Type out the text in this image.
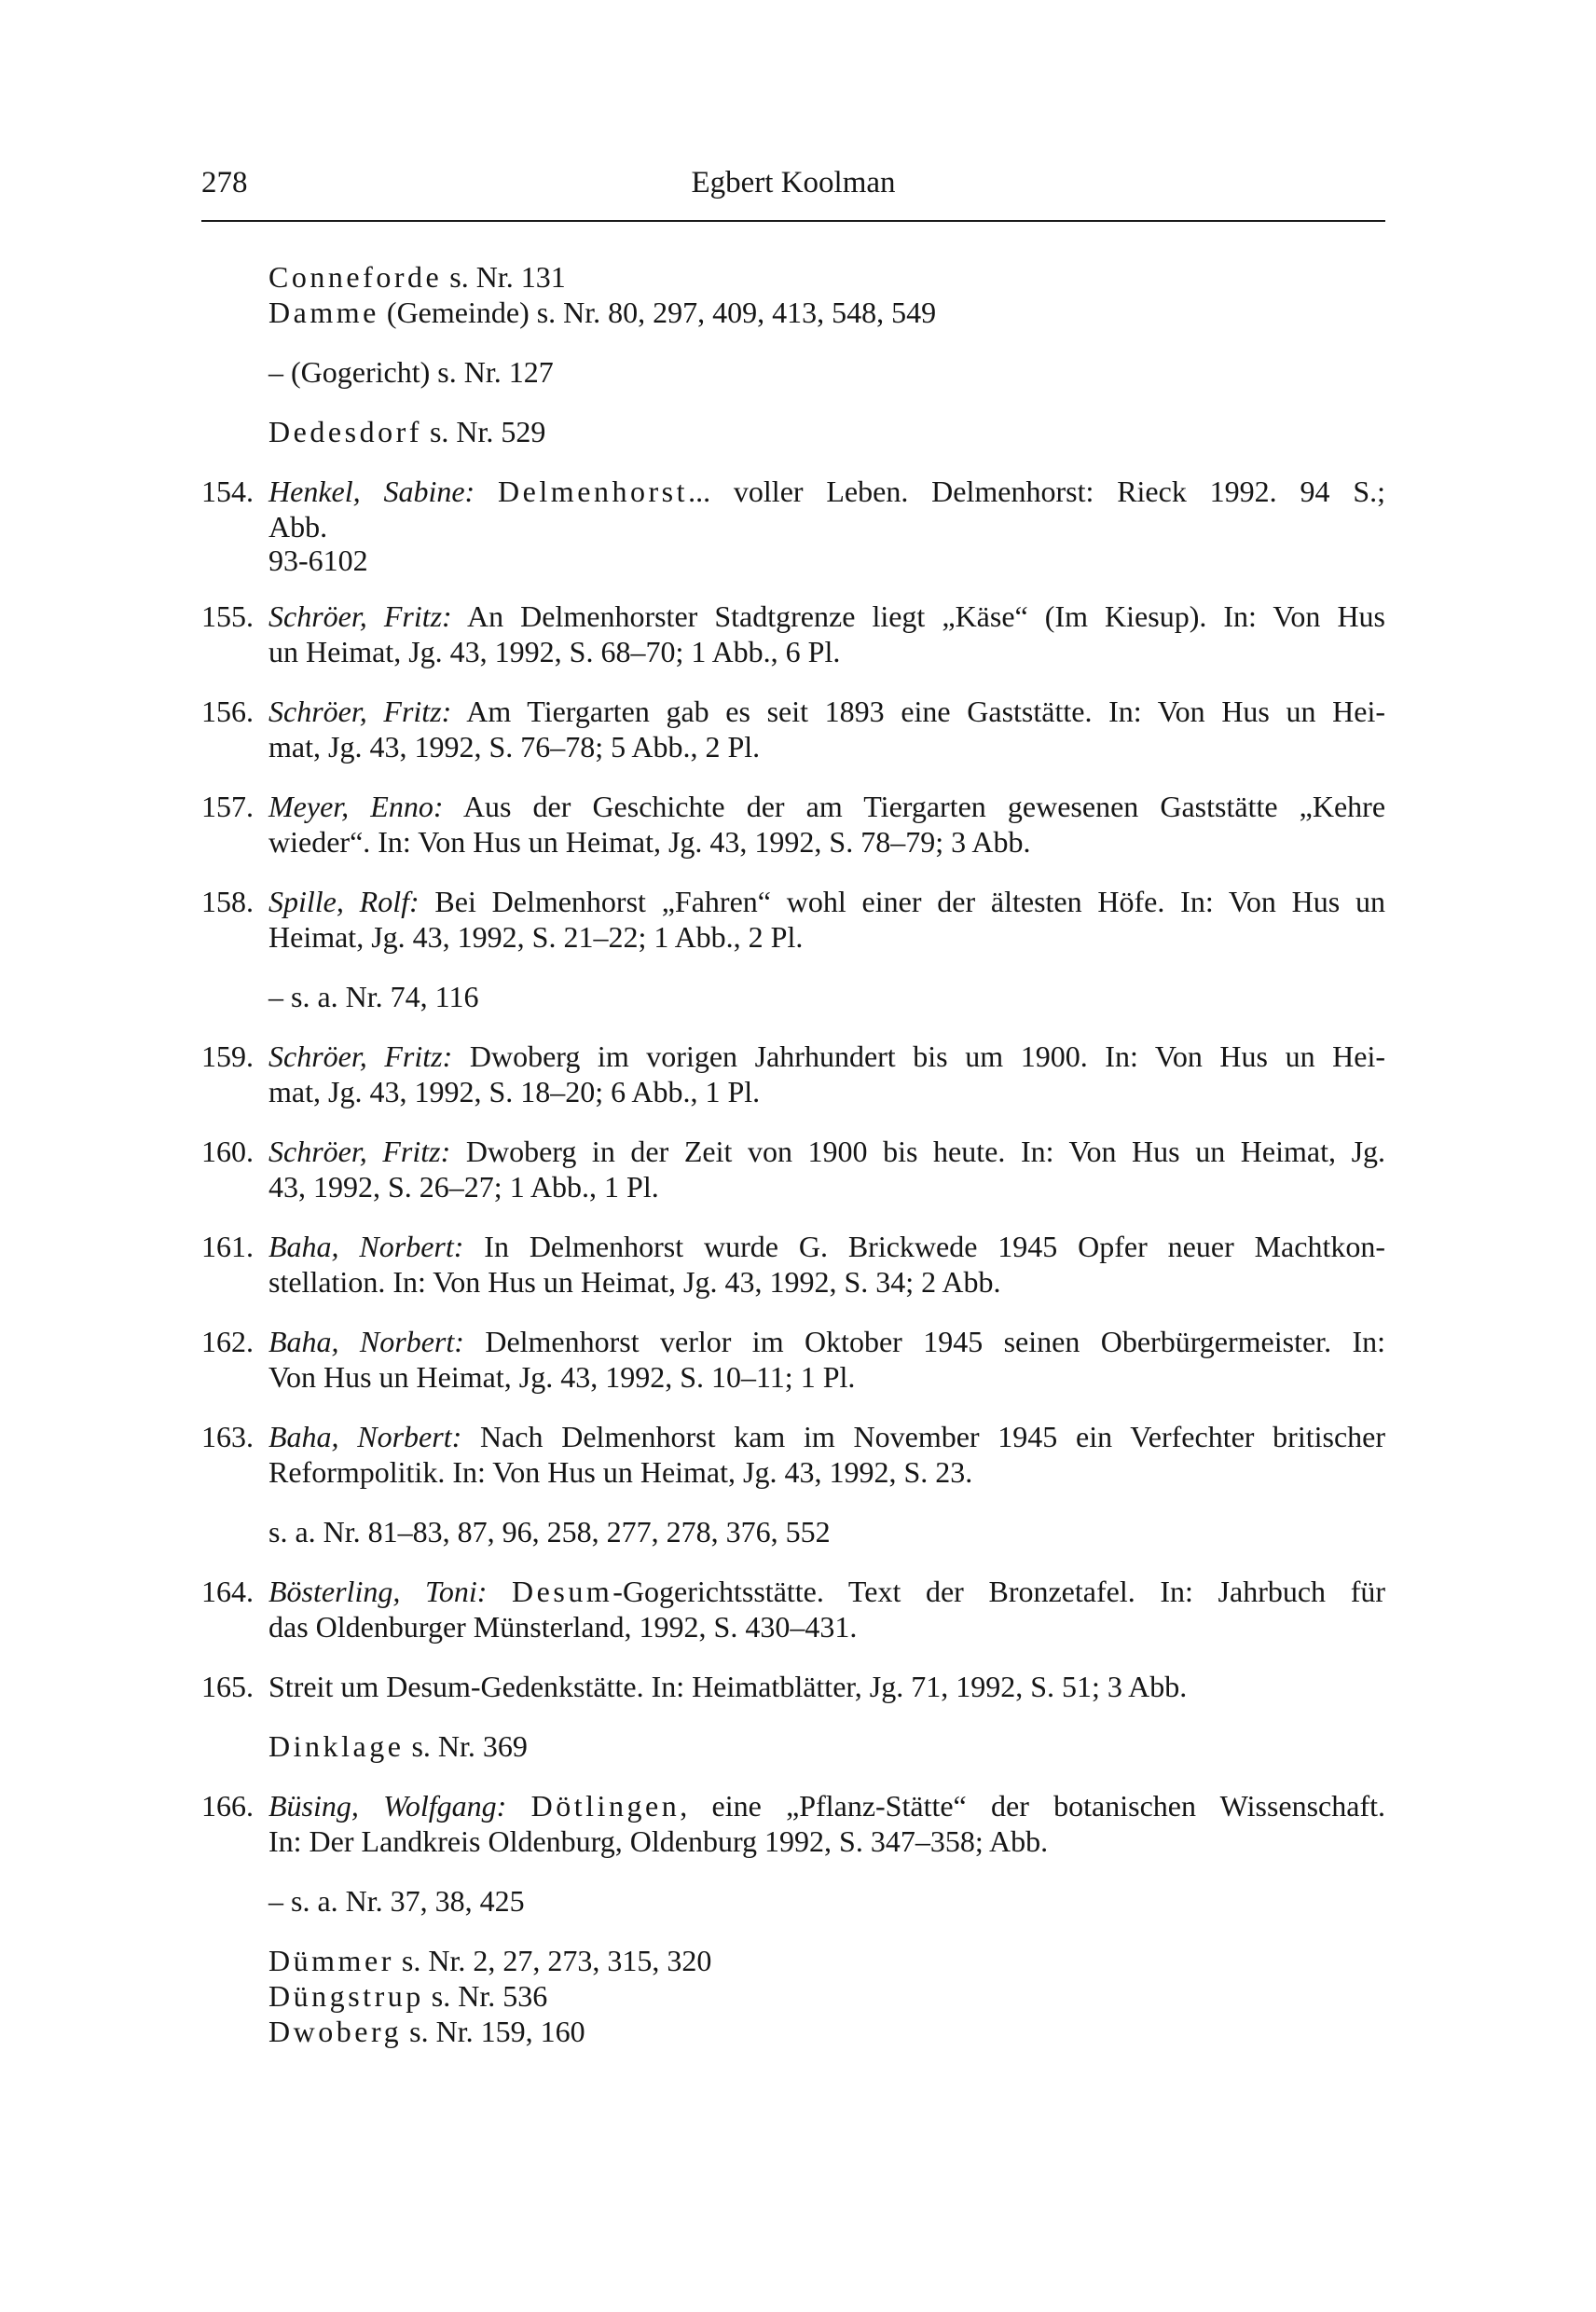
278	Egbert Koolman
Conneforde s. Nr. 131
Damme (Gemeinde) s. Nr. 80, 297, 409, 413, 548, 549
– (Gogericht) s. Nr. 127
Dedesdorf s. Nr. 529
154. Henkel, Sabine: Delmenhorst... voller Leben. Delmenhorst: Rieck 1992. 94 S.;
Abb.
93-6102
155. Schröer, Fritz: An Delmenhorster Stadtgrenze liegt „Käse“ (Im Kiesup). In: Von Hus
un Heimat, Jg. 43, 1992, S. 68–70; 1 Abb., 6 Pl.
156. Schröer, Fritz: Am Tiergarten gab es seit 1893 eine Gaststätte. In: Von Hus un Hei-
mat, Jg. 43, 1992, S. 76–78; 5 Abb., 2 Pl.
157. Meyer, Enno: Aus der Geschichte der am Tiergarten gewesenen Gaststätte „Kehre
wieder“. In: Von Hus un Heimat, Jg. 43, 1992, S. 78–79; 3 Abb.
158. Spille, Rolf: Bei Delmenhorst „Fahren“ wohl einer der ältesten Höfe. In: Von Hus un
Heimat, Jg. 43, 1992, S. 21–22; 1 Abb., 2 Pl.
– s. a. Nr. 74, 116
159. Schröer, Fritz: Dwoberg im vorigen Jahrhundert bis um 1900. In: Von Hus un Hei-
mat, Jg. 43, 1992, S. 18–20; 6 Abb., 1 Pl.
160. Schröer, Fritz: Dwoberg in der Zeit von 1900 bis heute. In: Von Hus un Heimat, Jg.
43, 1992, S. 26–27; 1 Abb., 1 Pl.
161. Baha, Norbert: In Delmenhorst wurde G. Brickwede 1945 Opfer neuer Machtkon-
stellation. In: Von Hus un Heimat, Jg. 43, 1992, S. 34; 2 Abb.
162. Baha, Norbert: Delmenhorst verlor im Oktober 1945 seinen Oberbürgermeister. In:
Von Hus un Heimat, Jg. 43, 1992, S. 10–11; 1 Pl.
163. Baha, Norbert: Nach Delmenhorst kam im November 1945 ein Verfechter britischer
Reformpolitik. In: Von Hus un Heimat, Jg. 43, 1992, S. 23.
s. a. Nr. 81–83, 87, 96, 258, 277, 278, 376, 552
164. Bösterling, Toni: Desum-Gogerichtsstätte. Text der Bronzetafel. In: Jahrbuch für
das Oldenburger Münsterland, 1992, S. 430–431.
165. Streit um Desum-Gedenkstätte. In: Heimatblätter, Jg. 71, 1992, S. 51; 3 Abb.
Dinklage s. Nr. 369
166. Büsing, Wolfgang: Dötlingen, eine „Pflanz-Stätte“ der botanischen Wissenschaft.
In: Der Landkreis Oldenburg, Oldenburg 1992, S. 347–358; Abb.
– s. a. Nr. 37, 38, 425
Dümmer s. Nr. 2, 27, 273, 315, 320
Düngstrup s. Nr. 536
Dwoberg s. Nr. 159, 160
